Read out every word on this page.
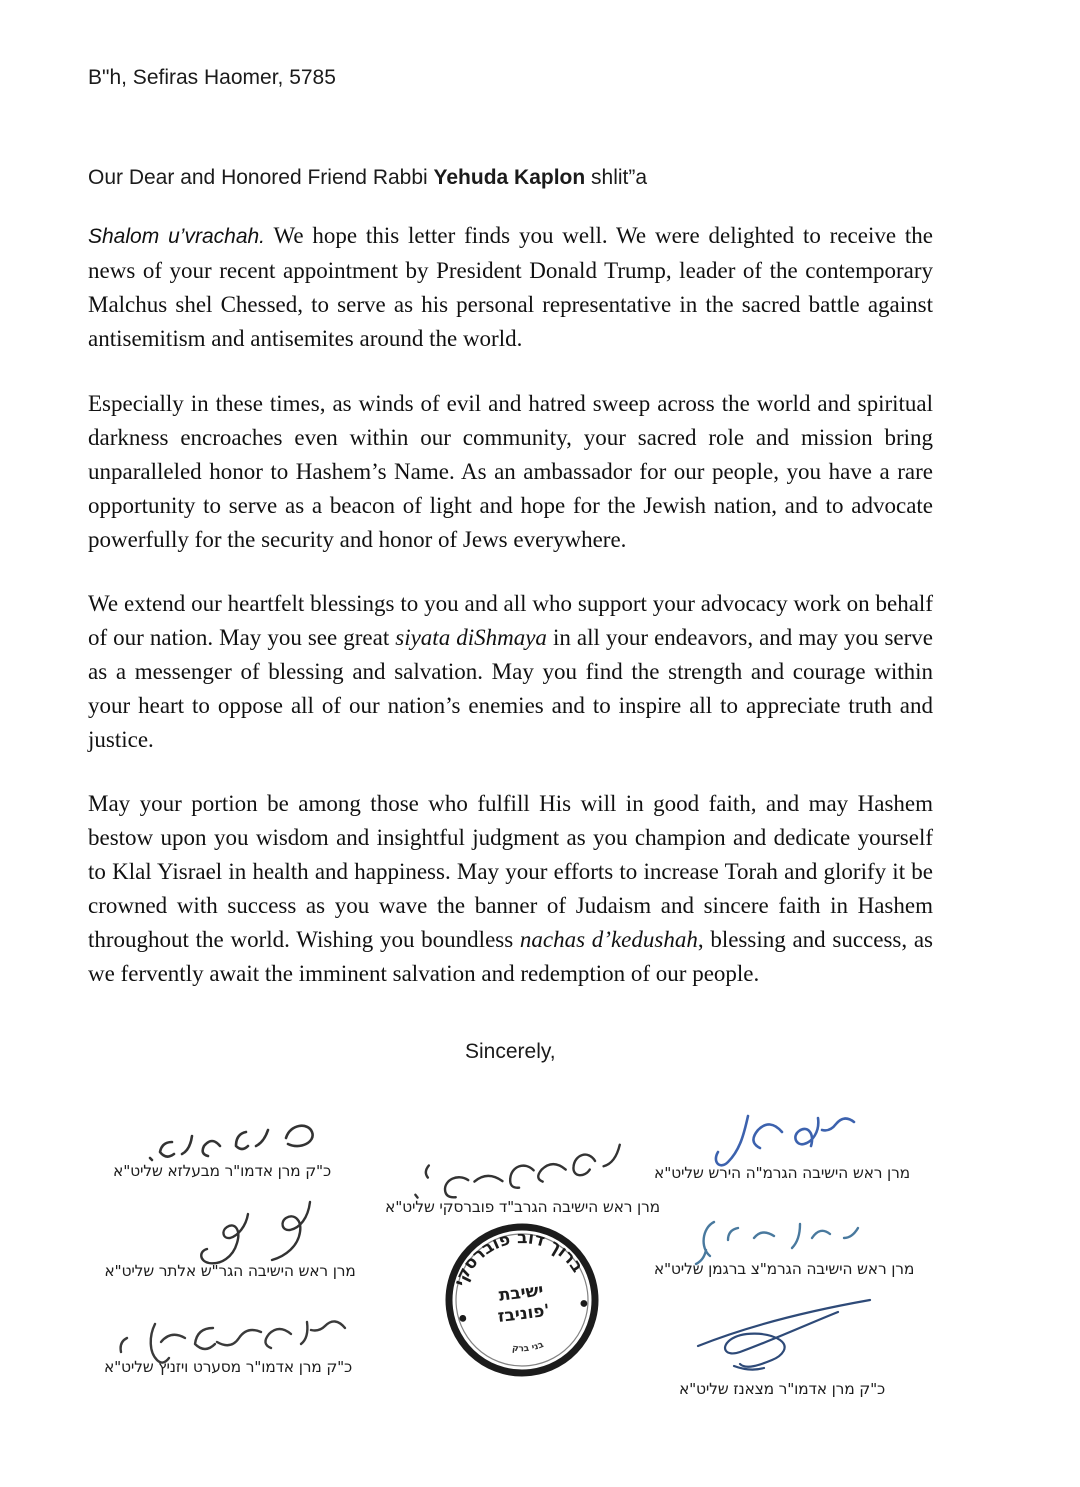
B"h, Sefiras Haomer, 5785
Our Dear and Honored Friend Rabbi Yehuda Kaplon shlit”a

Shalom u’vrachah. We hope this letter finds you well. We were delighted to receive the news of your recent appointment by President Donald Trump, leader of the contemporary Malchus shel Chessed, to serve as his personal representative in the sacred battle against antisemitism and antisemites around the world.

Especially in these times, as winds of evil and hatred sweep across the world and spiritual darkness encroaches even within our community, your sacred role and mission bring unparalleled honor to Hashem’s Name. As an ambassador for our people, you have a rare opportunity to serve as a beacon of light and hope for the Jewish nation, and to advocate powerfully for the security and honor of Jews everywhere.

We extend our heartfelt blessings to you and all who support your advocacy work on behalf of our nation. May you see great siyata diShmaya in all your endeavors, and may you serve as a messenger of blessing and salvation. May you find the strength and courage within your heart to oppose all of our nation’s enemies and to inspire all to appreciate truth and justice.

May your portion be among those who fulfill His will in good faith, and may Hashem bestow upon you wisdom and insightful judgment as you champion and dedicate yourself to Klal Yisrael in health and happiness. May your efforts to increase Torah and glorify it be crowned with success as you wave the banner of Judaism and sincere faith in Hashem throughout the world. Wishing you boundless nachas d’kedushah, blessing and success, as we fervently await the imminent salvation and redemption of our people.

Sincerely,
כ"ק מרן אדמו"ר מבעלזא שליט"א
מרן ראש הישיבה הגר"ש אלתר שליט"א
כ"ק מרן אדמו"ר מסערט ויזניץ שליט"א
מרן ראש הישיבה הגרב"ד פוברסקי שליט"א
ברוך דוב פוברסקי
ישיבת
פוניבז'
בני ברק
מרן ראש הישיבה הגרמ"ה הירש שליט"א
מרן ראש הישיבה הגרמ"צ ברגמן שליט"א
כ"ק מרן אדמו"ר מצאנז שליט"א
